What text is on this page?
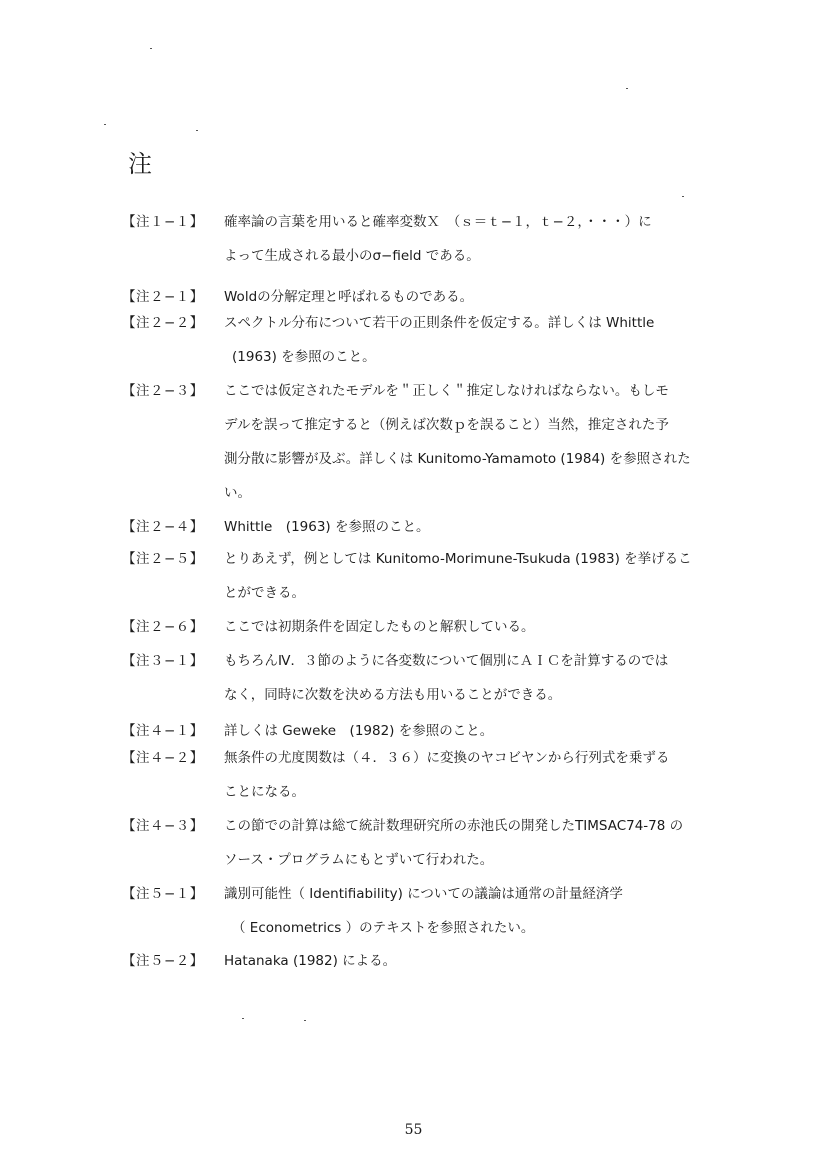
注
【注１−１】 確率論の言葉を用いると確率変数Ｘ　（ｓ＝ｔ−１，ｔ−２，・・・）に
よって生成される最小のσ−field である。
【注２−１】 Woldの分解定理と呼ばれるものである。
【注２−２】 スペクトル分布について若干の正則条件を仮定する。詳しくは Whittle
(1963) を参照のこと。
【注２−３】 ここでは仮定されたモデルを＂正しく＂推定しなければならない。もしモ
デルを誤って推定すると（例えば次数ｐを誤ること）当然，推定された予
測分散に影響が及ぶ。詳しくは Kunitomo-Yamamoto (1984) を参照された
い。
【注２−４】 Whittle　(1963) を参照のこと。
【注２−５】 とりあえず，例としては Kunitomo-Morimune-Tsukuda (1983) を挙げるこ
とができる。
【注２−６】 ここでは初期条件を固定したものと解釈している。
【注３−１】 もちろんⅣ．３節のように各変数について個別にＡＩＣを計算するのでは
なく，同時に次数を決める方法も用いることができる。
【注４−１】 詳しくは Geweke　(1982) を参照のこと。
【注４−２】 無条件の尤度関数は（４．３６）に変換のヤコビヤンから行列式を乗ずる
ことになる。
【注４−３】 この節での計算は総て統計数理研究所の赤池氏の開発したTIMSAC74-78 の
ソース・プログラムにもとずいて行われた。
【注５−１】 識別可能性（ Identifiability) についての議論は通常の計量経済学
（ Econometrics ）のテキストを参照されたい。
【注５−２】 Hatanaka (1982) による。
55
